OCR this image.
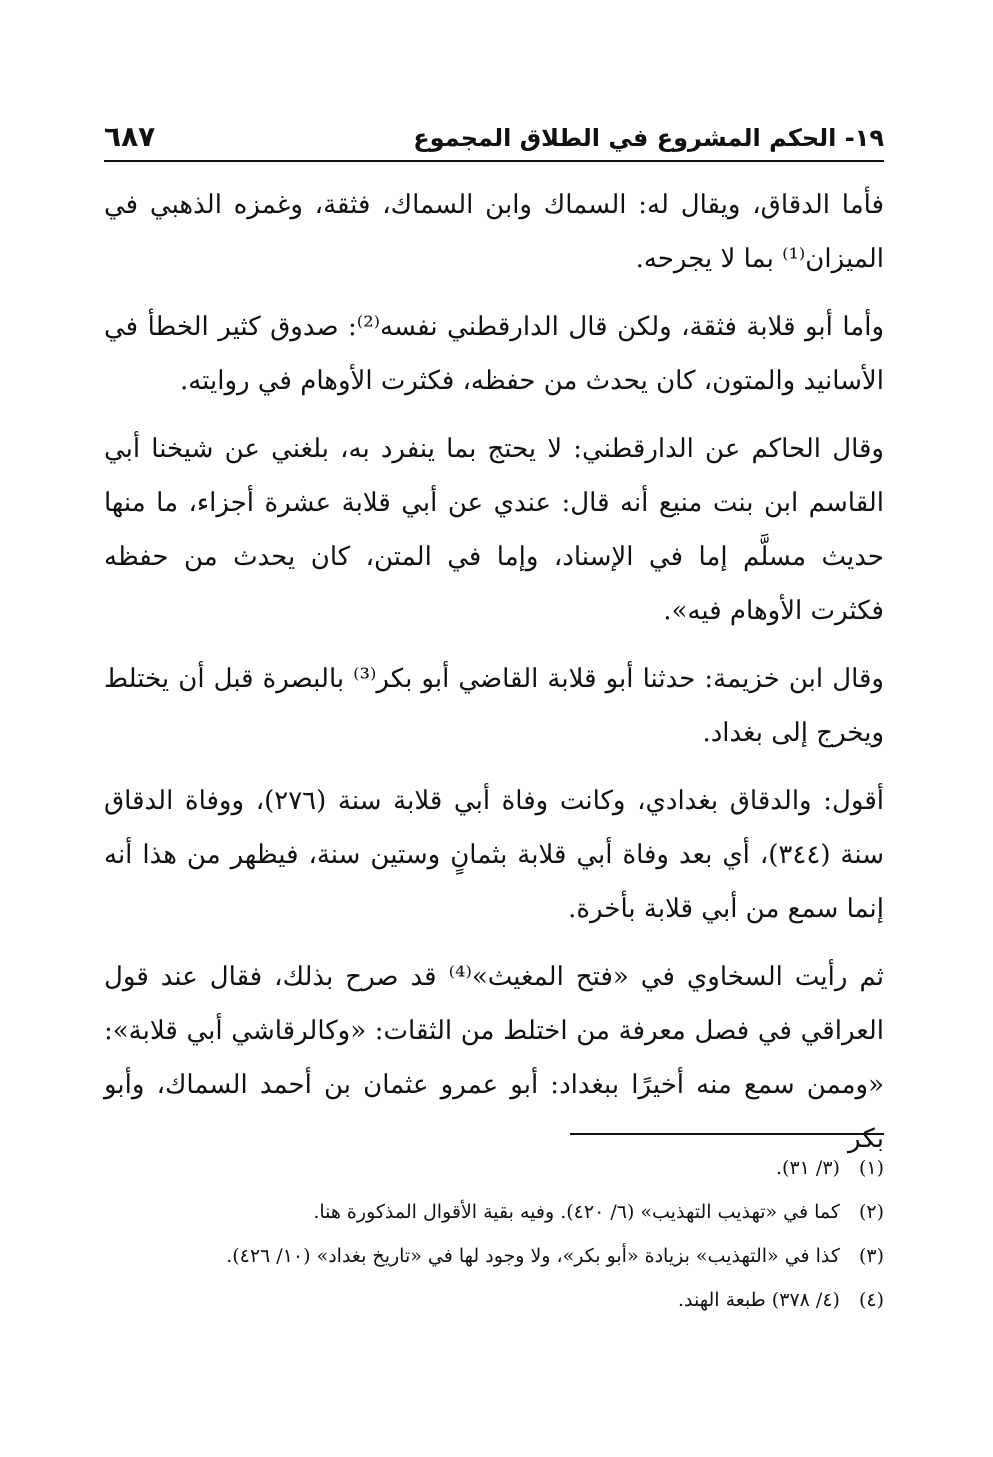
١٩- الحكم المشروع في الطلاق المجموع
٦٨٧

فأما الدقاق، ويقال له: السماك وابن السماك، فثقة، وغمزه الذهبي في الميزان⁽¹⁾ بما لا يجرحه.

وأما أبو قلابة فثقة، ولكن قال الدارقطني نفسه⁽²⁾: صدوق كثير الخطأ في الأسانيد والمتون، كان يحدث من حفظه، فكثرت الأوهام في روايته.

وقال الحاكم عن الدارقطني: لا يحتج بما ينفرد به، بلغني عن شيخنا أبي القاسم ابن بنت منيع أنه قال: عندي عن أبي قلابة عشرة أجزاء، ما منها حديث مسلَّم إما في الإسناد، وإما في المتن، كان يحدث من حفظه فكثرت الأوهام فيه».

وقال ابن خزيمة: حدثنا أبو قلابة القاضي أبو بكر⁽³⁾ بالبصرة قبل أن يختلط ويخرج إلى بغداد.

أقول: والدقاق بغدادي، وكانت وفاة أبي قلابة سنة (٢٧٦)، ووفاة الدقاق سنة (٣٤٤)، أي بعد وفاة أبي قلابة بثمانٍ وستين سنة، فيظهر من هذا أنه إنما سمع من أبي قلابة بأخرة.

ثم رأيت السخاوي في «فتح المغيث»⁽⁴⁾ قد صرح بذلك، فقال عند قول العراقي في فصل معرفة من اختلط من الثقات: «وكالرقاشي أبي قلابة»: «وممن سمع منه أخيرًا ببغداد: أبو عمرو عثمان بن أحمد السماك، وأبو بكر

(١) (٣/ ٣١).
(٢) كما في «تهذيب التهذيب» (٦/ ٤٢٠). وفيه بقية الأقوال المذكورة هنا.
(٣) كذا في «التهذيب» بزيادة «أبو بكر»، ولا وجود لها في «تاريخ بغداد» (١٠/ ٤٢٦).
(٤) (٤/ ٣٧٨) طبعة الهند.
